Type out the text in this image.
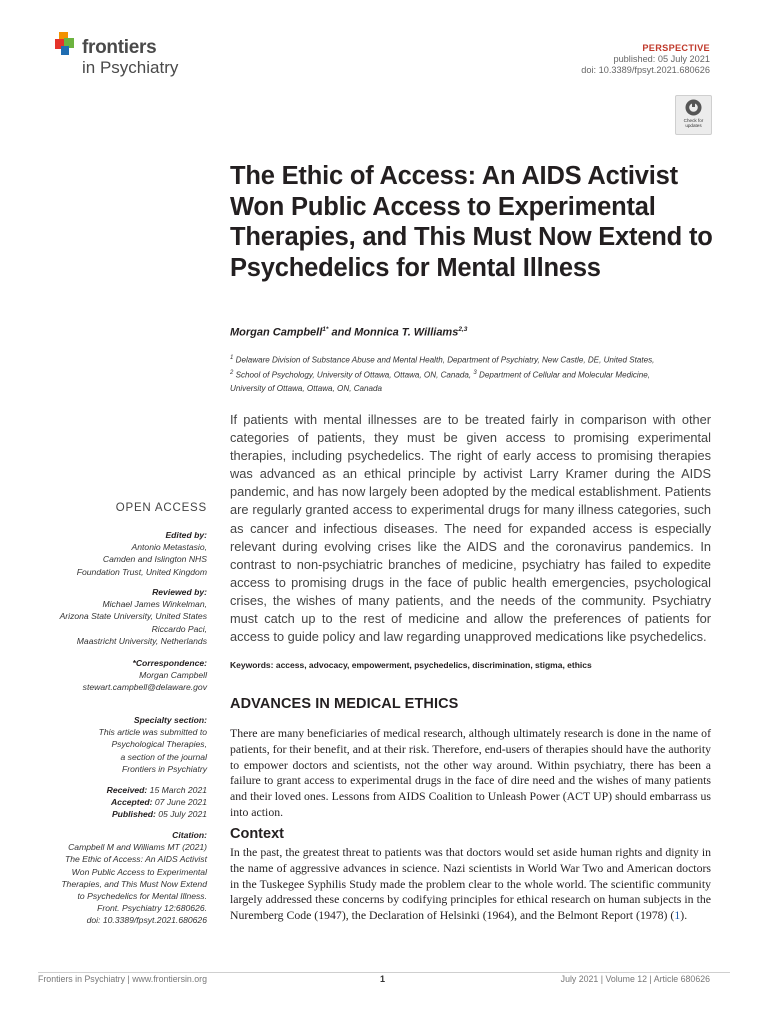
frontiers
in Psychiatry
PERSPECTIVE
published: 05 July 2021
doi: 10.3389/fpsyt.2021.680626
Check for
updates
The Ethic of Access: An AIDS Activist Won Public Access to Experimental Therapies, and This Must Now Extend to Psychedelics for Mental Illness
Morgan Campbell$^{1*}$ and Monnica T. Williams$^{2,3}$
$^1$ Delaware Division of Substance Abuse and Mental Health, Department of Psychiatry, New Castle, DE, United States,
$^2$ School of Psychology, University of Ottawa, Ottawa, ON, Canada, $^3$ Department of Cellular and Molecular Medicine,
University of Ottawa, Ottawa, ON, Canada
If patients with mental illnesses are to be treated fairly in comparison with other categories of patients, they must be given access to promising experimental therapies, including psychedelics. The right of early access to promising therapies was advanced as an ethical principle by activist Larry Kramer during the AIDS pandemic, and has now largely been adopted by the medical establishment. Patients are regularly granted access to experimental drugs for many illness categories, such as cancer and infectious diseases. The need for expanded access is especially relevant during evolving crises like the AIDS and the coronavirus pandemics. In contrast to non-psychiatric branches of medicine, psychiatry has failed to expedite access to promising drugs in the face of public health emergencies, psychological crises, the wishes of many patients, and the needs of the community. Psychiatry must catch up to the rest of medicine and allow the preferences of patients for access to guide policy and law regarding unapproved medications like psychedelics.
Keywords: access, advocacy, empowerment, psychedelics, discrimination, stigma, ethics
ADVANCES IN MEDICAL ETHICS
There are many beneficiaries of medical research, although ultimately research is done in the name of patients, for their benefit, and at their risk. Therefore, end-users of therapies should have the authority to empower doctors and scientists, not the other way around. Within psychiatry, there has been a failure to grant access to experimental drugs in the face of dire need and the wishes of many patients and their loved ones. Lessons from AIDS Coalition to Unleash Power (ACT UP) should embarrass us into action.
Context
In the past, the greatest threat to patients was that doctors would set aside human rights and dignity in the name of aggressive advances in science. Nazi scientists in World War Two and American doctors in the Tuskegee Syphilis Study made the problem clear to the whole world. The scientific community largely addressed these concerns by codifying principles for ethical research on human subjects in the Nuremberg Code (1947), the Declaration of Helsinki (1964), and the Belmont Report (1978) (1).
OPEN ACCESS
Edited by:
Antonio Metastasio,
Camden and Islington NHS
Foundation Trust, United Kingdom
Reviewed by:
Michael James Winkelman,
Arizona State University, United States
Riccardo Paci,
Maastricht University, Netherlands
*Correspondence:
Morgan Campbell
stewart.campbell@delaware.gov
Specialty section:
This article was submitted to
Psychological Therapies,
a section of the journal
Frontiers in Psychiatry
Received: 15 March 2021
Accepted: 07 June 2021
Published: 05 July 2021
Citation:
Campbell M and Williams MT (2021)
The Ethic of Access: An AIDS Activist
Won Public Access to Experimental
Therapies, and This Must Now Extend
to Psychedelics for Mental Illness.
Front. Psychiatry 12:680626.
doi: 10.3389/fpsyt.2021.680626
Frontiers in Psychiatry | www.frontiersin.org	1	July 2021 | Volume 12 | Article 680626
